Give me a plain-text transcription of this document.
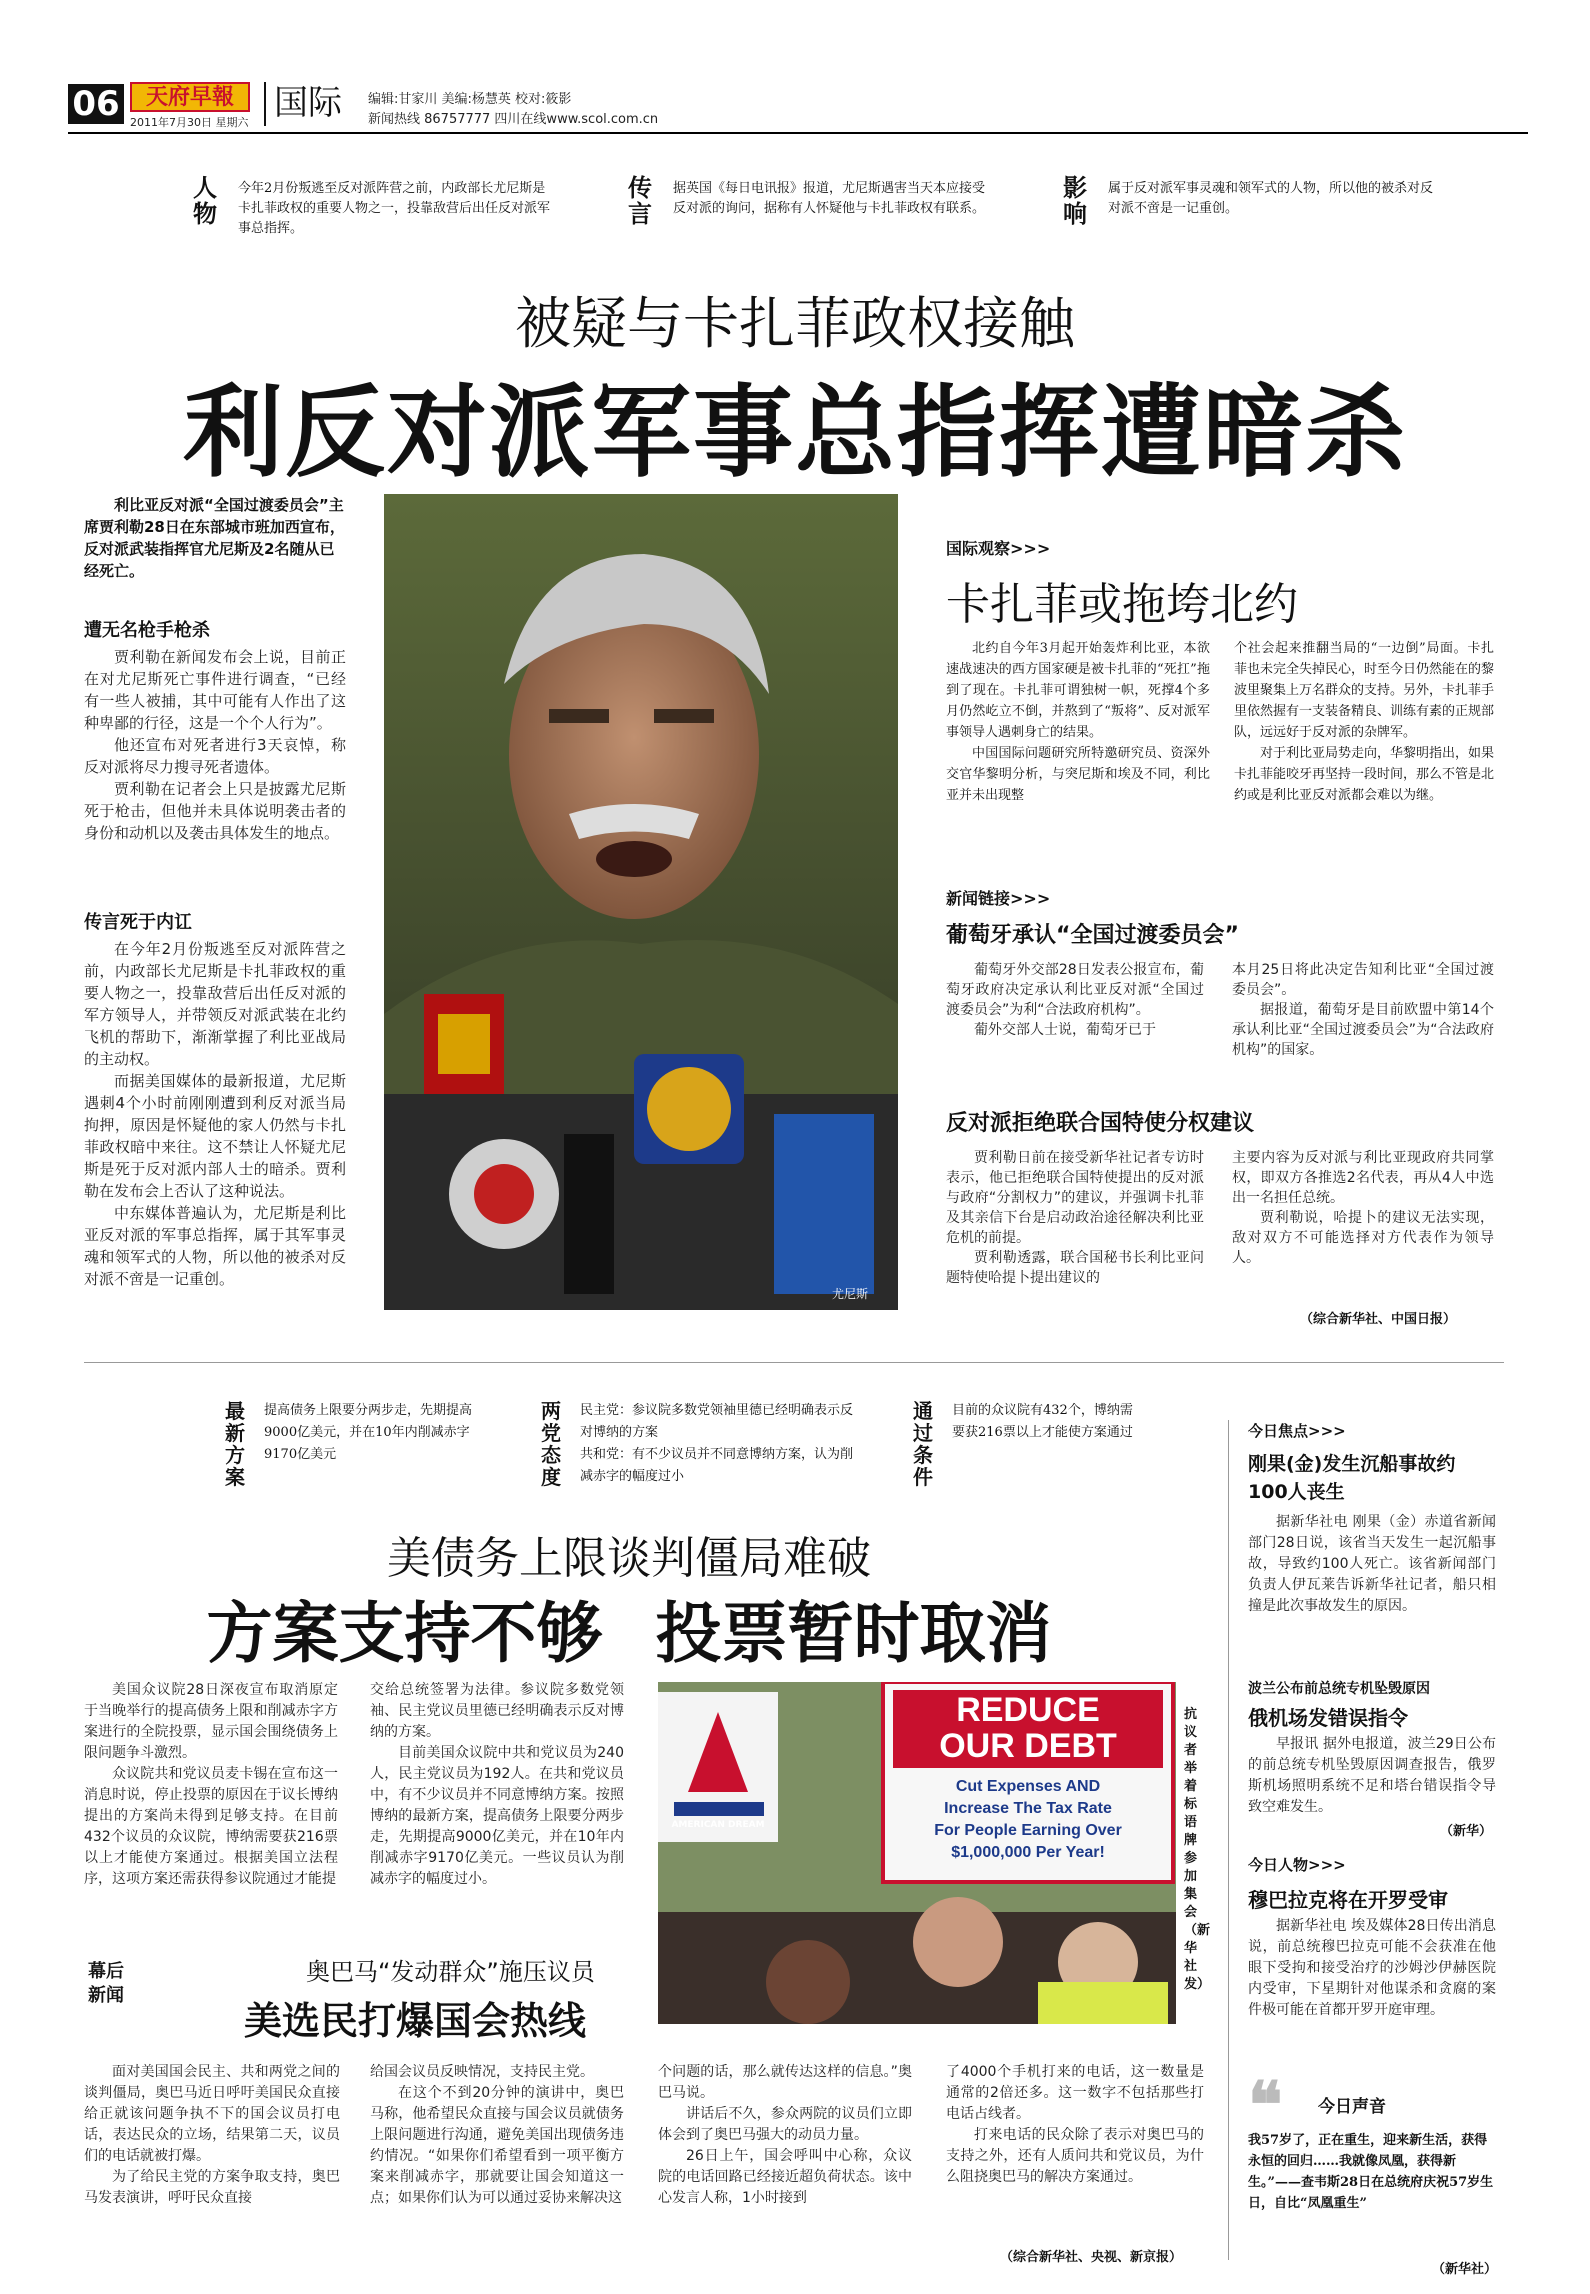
06	天府早報
2011年7月30日 星期六 国际 编辑:甘家川 美编:杨慧英 校对:筱影
新闻热线 86757777 四川在线www.scol.com.cn
人物
今年2月份叛逃至反对派阵营之前，内政部长尤尼斯是卡扎菲政权的重要人物之一，投靠敌营后出任反对派军事总指挥。
传言
据英国《每日电讯报》报道，尤尼斯遇害当天本应接受反对派的询问，据称有人怀疑他与卡扎菲政权有联系。
影响
属于反对派军事灵魂和领军式的人物，所以他的被杀对反对派不啻是一记重创。
被疑与卡扎菲政权接触
利反对派军事总指挥遭暗杀
利比亚反对派“全国过渡委员会”主席贾利勒28日在东部城市班加西宣布，反对派武装指挥官尤尼斯及2名随从已经死亡。
遭无名枪手枪杀

贾利勒在新闻发布会上说，目前正在对尤尼斯死亡事件进行调查，“已经有一些人被捕，其中可能有人作出了这种卑鄙的行径，这是一个个人行为”。

他还宣布对死者进行3天哀悼，称反对派将尽力搜寻死者遗体。

贾利勒在记者会上只是披露尤尼斯死于枪击，但他并未具体说明袭击者的身份和动机以及袭击具体发生的地点。

传言死于内讧

在今年2月份叛逃至反对派阵营之前，内政部长尤尼斯是卡扎菲政权的重要人物之一，投靠敌营后出任反对派的军方领导人，并带领反对派武装在北约飞机的帮助下，渐渐掌握了利比亚战局的主动权。

而据美国媒体的最新报道，尤尼斯遇刺4个小时前刚刚遭到利反对派当局拘押，原因是怀疑他的家人仍然与卡扎菲政权暗中来往。这不禁让人怀疑尤尼斯是死于反对派内部人士的暗杀。贾利勒在发布会上否认了这种说法。

中东媒体普遍认为，尤尼斯是利比亚反对派的军事总指挥，属于其军事灵魂和领军式的人物，所以他的被杀对反对派不啻是一记重创。

尤尼斯
国际观察>>>
卡扎菲或拖垮北约

北约自今年3月起开始轰炸利比亚，本欲速战速决的西方国家硬是被卡扎菲的“死扛”拖到了现在。卡扎菲可谓独树一帜，死撑4个多月仍然屹立不倒，并熬到了“叛将”、反对派军事领导人遇刺身亡的结果。

中国国际问题研究所特邀研究员、资深外交官华黎明分析，与突尼斯和埃及不同，利比亚并未出现整

个社会起来推翻当局的“一边倒”局面。卡扎菲也未完全失掉民心，时至今日仍然能在的黎波里聚集上万名群众的支持。另外，卡扎菲手里依然握有一支装备精良、训练有素的正规部队，远远好于反对派的杂牌军。

对于利比亚局势走向，华黎明指出，如果卡扎菲能咬牙再坚持一段时间，那么不管是北约或是利比亚反对派都会难以为继。

新闻链接>>>
葡萄牙承认“全国过渡委员会”

葡萄牙外交部28日发表公报宣布，葡萄牙政府决定承认利比亚反对派“全国过渡委员会”为利“合法政府机构”。

葡外交部人士说，葡萄牙已于

本月25日将此决定告知利比亚“全国过渡委员会”。

据报道，葡萄牙是目前欧盟中第14个承认利比亚“全国过渡委员会”为“合法政府机构”的国家。

反对派拒绝联合国特使分权建议

贾利勒日前在接受新华社记者专访时表示，他已拒绝联合国特使提出的反对派与政府“分割权力”的建议，并强调卡扎菲及其亲信下台是启动政治途径解决利比亚危机的前提。

贾利勒透露，联合国秘书长利比亚问题特使哈提卜提出建议的

主要内容为反对派与利比亚现政府共同掌权，即双方各推选2名代表，再从4人中选出一名担任总统。

贾利勒说，哈提卜的建议无法实现，敌对双方不可能选择对方代表作为领导人。

（综合新华社、中国日报）
最新方案
提高债务上限要分两步走，先期提高9000亿美元，并在10年内削减赤字9170亿美元
两党态度
民主党：参议院多数党领袖里德已经明确表示反对博纳的方案
共和党：有不少议员并不同意博纳方案，认为削减赤字的幅度过小
通过条件
目前的众议院有432个，博纳需要获216票以上才能使方案通过
美债务上限谈判僵局难破
方案支持不够 投票暂时取消

美国众议院28日深夜宣布取消原定于当晚举行的提高债务上限和削减赤字方案进行的全院投票，显示国会围绕债务上限问题争斗激烈。

众议院共和党议员麦卡锡在宣布这一消息时说，停止投票的原因在于议长博纳提出的方案尚未得到足够支持。在目前432个议员的众议院，博纳需要获216票以上才能使方案通过。根据美国立法程序，这项方案还需获得参议院通过才能提

交给总统签署为法律。参议院多数党领袖、民主党议员里德已经明确表示反对博纳的方案。

目前美国众议院中共和党议员为240人，民主党议员为192人。在共和党议员中，有不少议员并不同意博纳方案。按照博纳的最新方案，提高债务上限要分两步走，先期提高9000亿美元，并在10年内削减赤字9170亿美元。一些议员认为削减赤字的幅度过小。

AMERICAN DREAM
REDUCE
OUR DEBT
Cut Expenses AND
Increase The Tax Rate
For People Earning Over
$1,000,000 Per Year!
抗议者举着标语牌参加集会（新华社发）
幕后新闻
奥巴马“发动群众”施压议员
美选民打爆国会热线

面对美国国会民主、共和两党之间的谈判僵局，奥巴马近日呼吁美国民众直接给正就该问题争执不下的国会议员打电话，表达民众的立场，结果第二天，议员们的电话就被打爆。

为了给民主党的方案争取支持，奥巴马发表演讲，呼吁民众直接

给国会议员反映情况，支持民主党。

在这个不到20分钟的演讲中，奥巴马称，他希望民众直接与国会议员就债务上限问题进行沟通，避免美国出现债务违约情况。“如果你们希望看到一项平衡方案来削减赤字，那就要让国会知道这一点；如果你们认为可以通过妥协来解决这

个问题的话，那么就传达这样的信息。”奥巴马说。

讲话后不久，参众两院的议员们立即体会到了奥巴马强大的动员力量。

26日上午，国会呼叫中心称，众议院的电话回路已经接近超负荷状态。该中心发言人称，1小时接到

了4000个手机打来的电话，这一数量是通常的2倍还多。这一数字不包括那些打电话占线者。

打来电话的民众除了表示对奥巴马的支持之外，还有人质问共和党议员，为什么阻挠奥巴马的解决方案通过。

（综合新华社、央视、新京报）
今日焦点>>>
刚果(金)发生沉船事故约100人丧生
据新华社电 刚果（金）赤道省新闻部门28日说，该省当天发生一起沉船事故，导致约100人死亡。该省新闻部门负责人伊瓦莱告诉新华社记者，船只相撞是此次事故发生的原因。
波兰公布前总统专机坠毁原因
俄机场发错误指令
早报讯 据外电报道，波兰29日公布的前总统专机坠毁原因调查报告，俄罗斯机场照明系统不足和塔台错误指令导致空难发生。
（新华）
今日人物>>>
穆巴拉克将在开罗受审
据新华社电 埃及媒体28日传出消息说，前总统穆巴拉克可能不会获准在他眼下受拘和接受治疗的沙姆沙伊赫医院内受审，下星期针对他谋杀和贪腐的案件极可能在首都开罗开庭审理。
❝ 今日声音
我57岁了，正在重生，迎来新生活，获得永恒的回归……我就像凤凰，获得新生。”——查韦斯28日在总统府庆祝57岁生日，自比“凤凰重生”
（新华社）
